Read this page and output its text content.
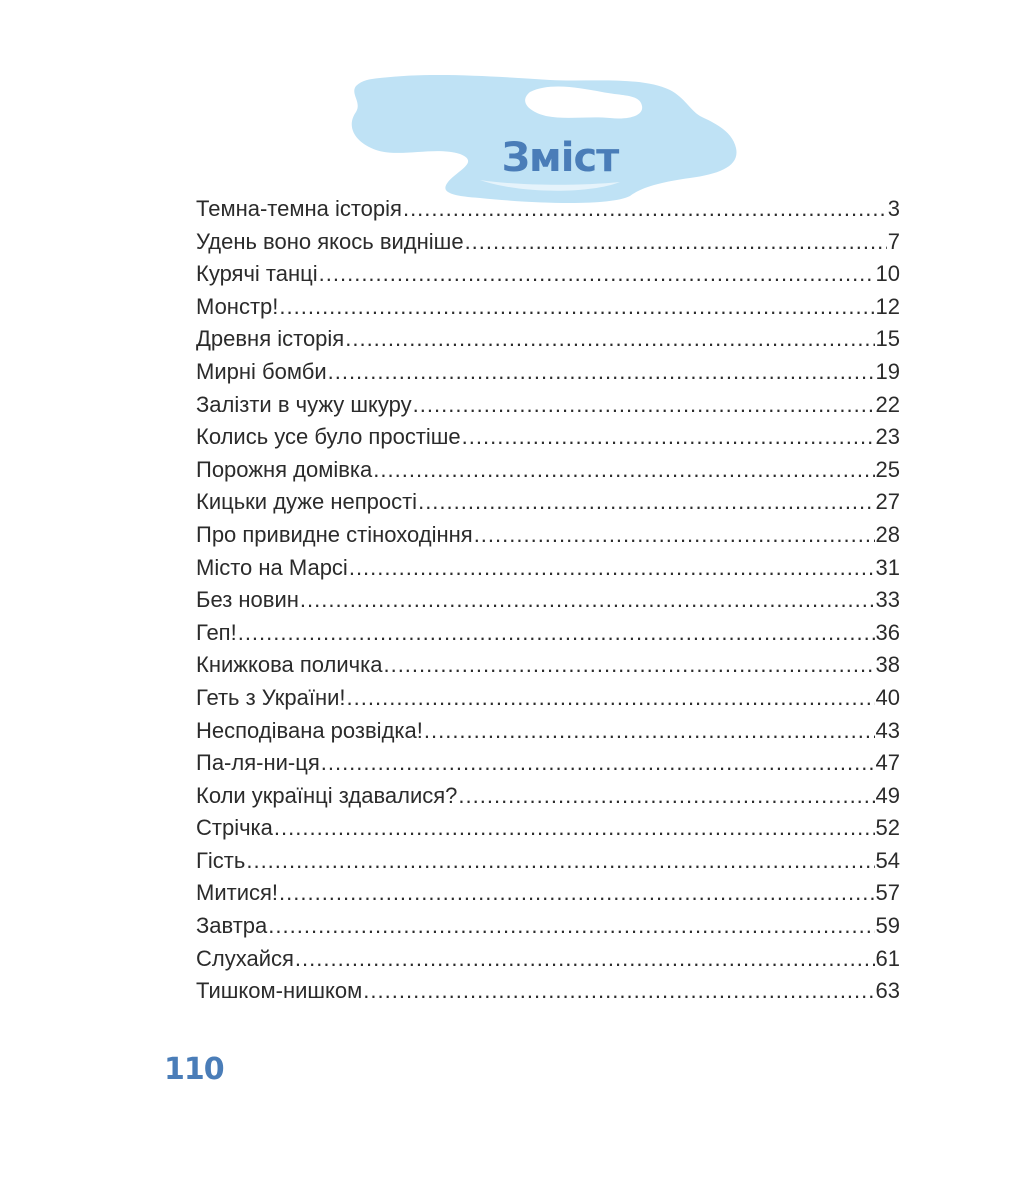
Зміст
Темна-темна історія .....	3
Удень воно якось видніше .....	7
Курячі танці .....	10
Монстр! .....	12
Древня історія .....	15
Мирні бомби .....	19
Залізти в чужу шкуру .....	22
Колись усе було простіше .....	23
Порожня домівка .....	25
Кицьки дуже непрості .....	27
Про привидне стіноходіння .....	28
Місто на Марсі .....	31
Без новин .....	33
Геп! .....	36
Книжкова поличка .....	38
Геть з України! .....	40
Несподівана розвідка! .....	43
Па-ля-ни-ця .....	47
Коли українці здавалися? .....	49
Стрічка .....	52
Гість .....	54
Митися! .....	57
Завтра .....	59
Слухайся .....	61
Тишком-нишком .....	63
110
